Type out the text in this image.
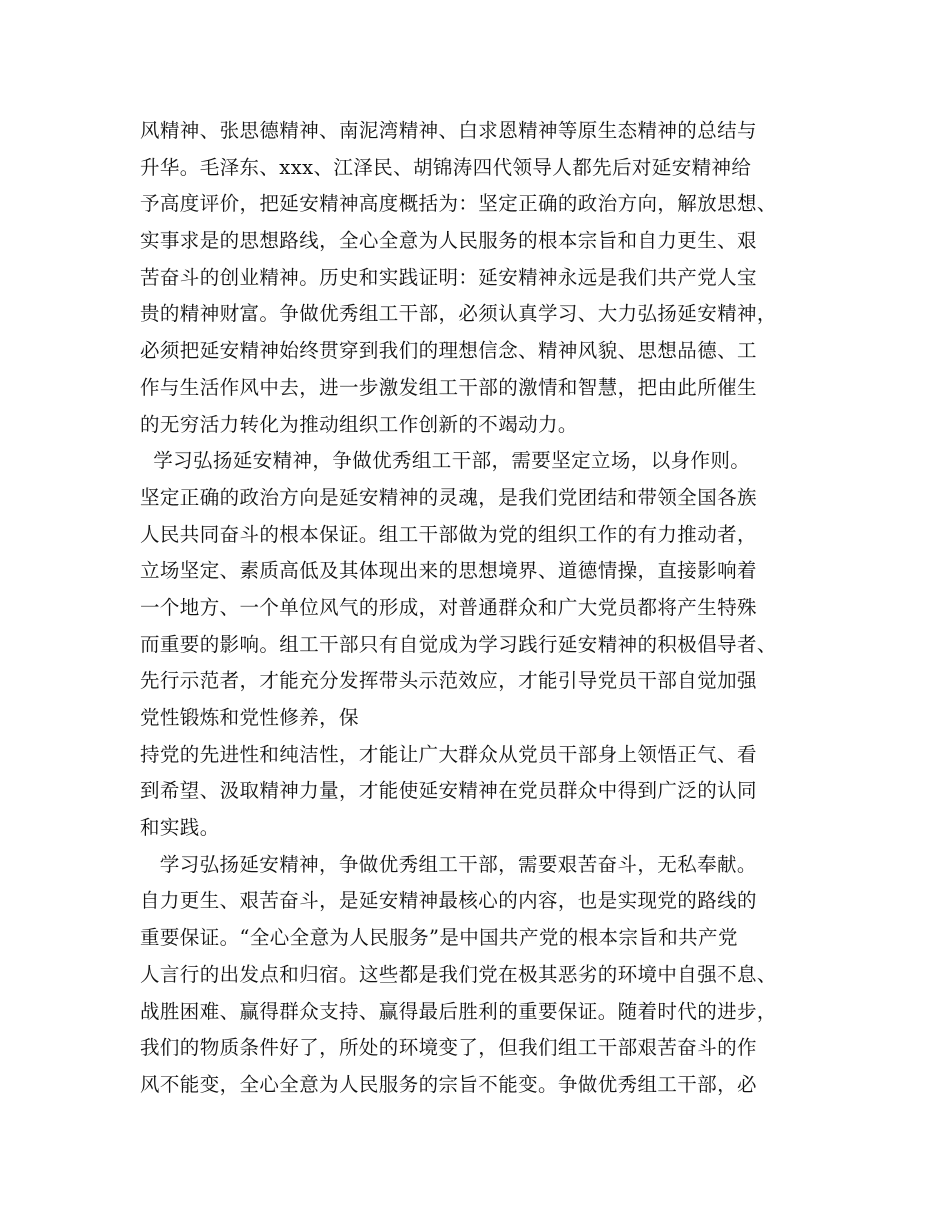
风精神、张思德精神、南泥湾精神、白求恩精神等原生态精神的总结与
升华。毛泽东、xxx、江泽民、胡锦涛四代领导人都先后对延安精神给
予高度评价，把延安精神高度概括为：坚定正确的政治方向，解放思想、
实事求是的思想路线，全心全意为人民服务的根本宗旨和自力更生、艰
苦奋斗的创业精神。历史和实践证明：延安精神永远是我们共产党人宝
贵的精神财富。争做优秀组工干部，必须认真学习、大力弘扬延安精神，
必须把延安精神始终贯穿到我们的理想信念、精神风貌、思想品德、工
作与生活作风中去，进一步激发组工干部的激情和智慧，把由此所催生
的无穷活力转化为推动组织工作创新的不竭动力。
学习弘扬延安精神，争做优秀组工干部，需要坚定立场，以身作则。
坚定正确的政治方向是延安精神的灵魂，是我们党团结和带领全国各族
人民共同奋斗的根本保证。组工干部做为党的组织工作的有力推动者，
立场坚定、素质高低及其体现出来的思想境界、道德情操，直接影响着
一个地方、一个单位风气的形成，对普通群众和广大党员都将产生特殊
而重要的影响。组工干部只有自觉成为学习践行延安精神的积极倡导者、
先行示范者，才能充分发挥带头示范效应，才能引导党员干部自觉加强
党性锻炼和党性修养，保
持党的先进性和纯洁性，才能让广大群众从党员干部身上领悟正气、看
到希望、汲取精神力量，才能使延安精神在党员群众中得到广泛的认同
和实践。
学习弘扬延安精神，争做优秀组工干部，需要艰苦奋斗，无私奉献。
自力更生、艰苦奋斗，是延安精神最核心的内容，也是实现党的路线的
重要保证。“全心全意为人民服务”是中国共产党的根本宗旨和共产党
人言行的出发点和归宿。这些都是我们党在极其恶劣的环境中自强不息、
战胜困难、赢得群众支持、赢得最后胜利的重要保证。随着时代的进步，
我们的物质条件好了，所处的环境变了，但我们组工干部艰苦奋斗的作
风不能变，全心全意为人民服务的宗旨不能变。争做优秀组工干部，必
